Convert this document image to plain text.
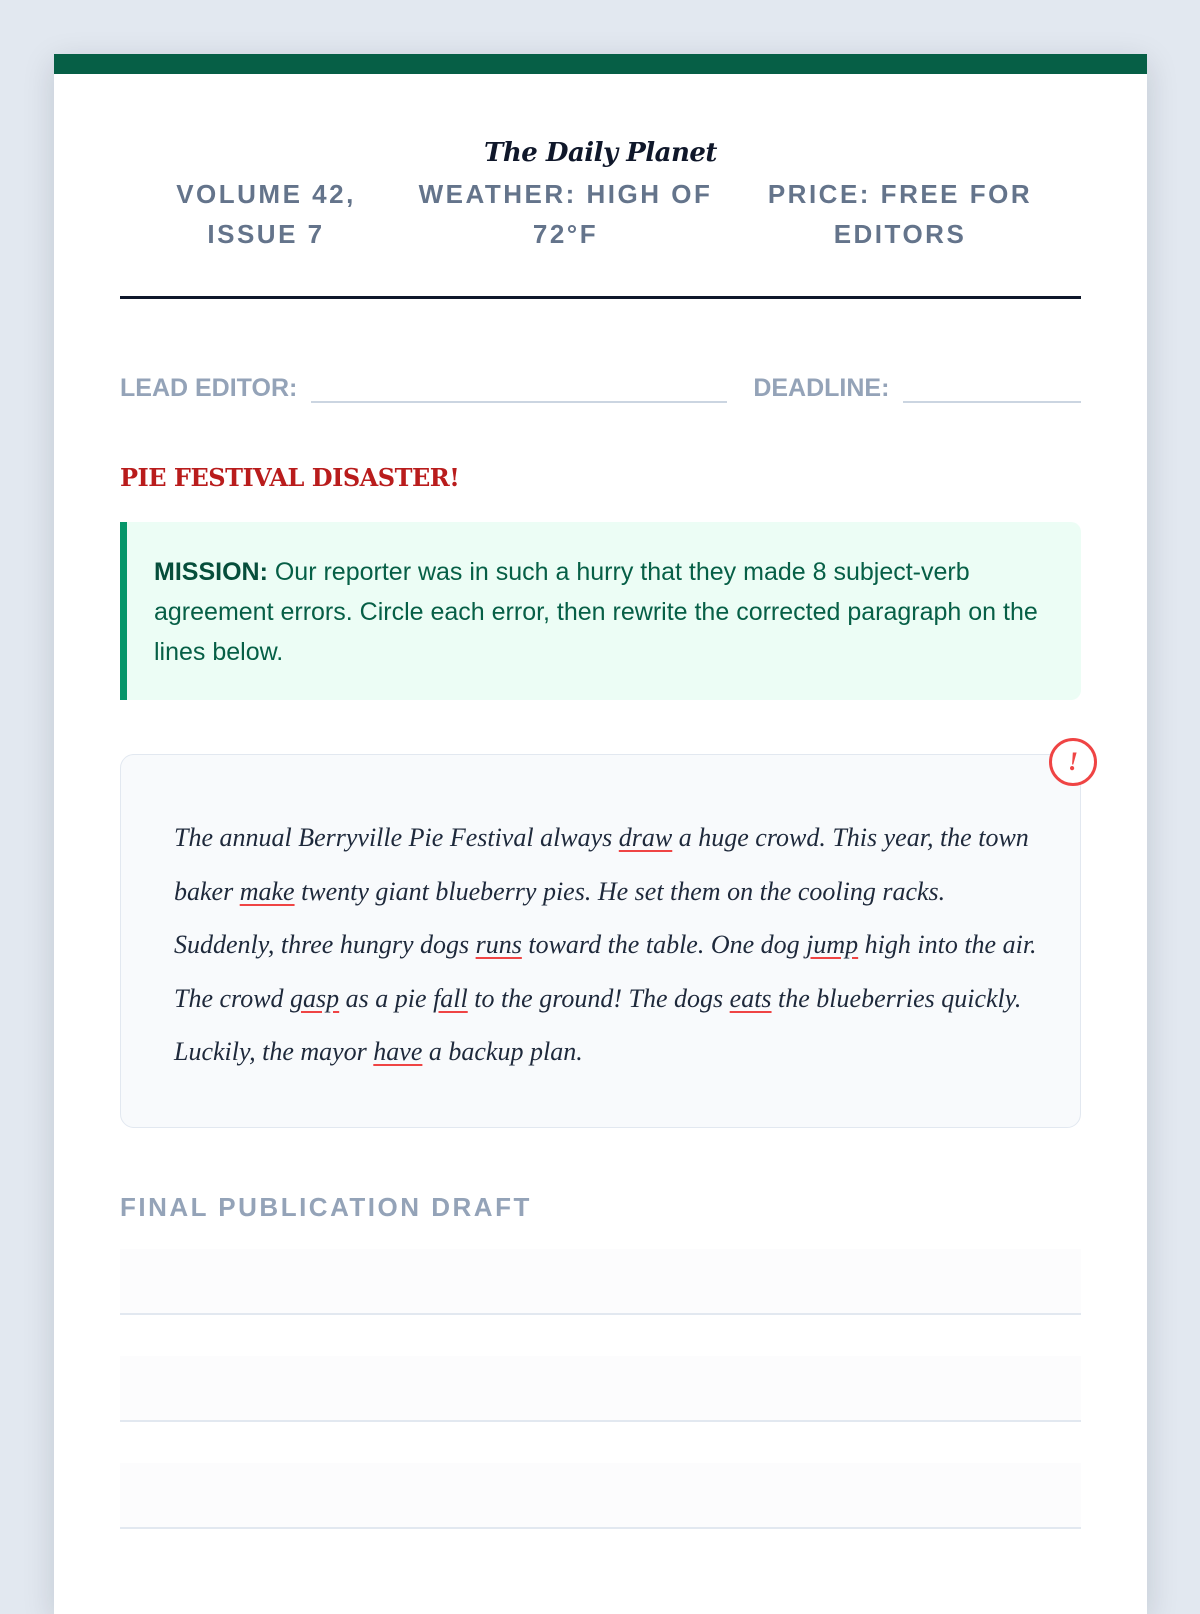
The Daily Planet
VOLUME 42, ISSUE 7
WEATHER: HIGH OF 72°F
PRICE: FREE FOR EDITORS
LEAD EDITOR:	DEADLINE:
PIE FESTIVAL DISASTER!
MISSION: Our reporter was in such a hurry that they made 8 subject-verb agreement errors. Circle each error, then rewrite the corrected paragraph on the lines below.
!
The annual Berryville Pie Festival always draw a huge crowd. This year, the town baker make twenty giant blueberry pies. He set them on the cooling racks. Suddenly, three hungry dogs runs toward the table. One dog jump high into the air. The crowd gasp as a pie fall to the ground! The dogs eats the blueberries quickly. Luckily, the mayor have a backup plan.
FINAL PUBLICATION DRAFT
